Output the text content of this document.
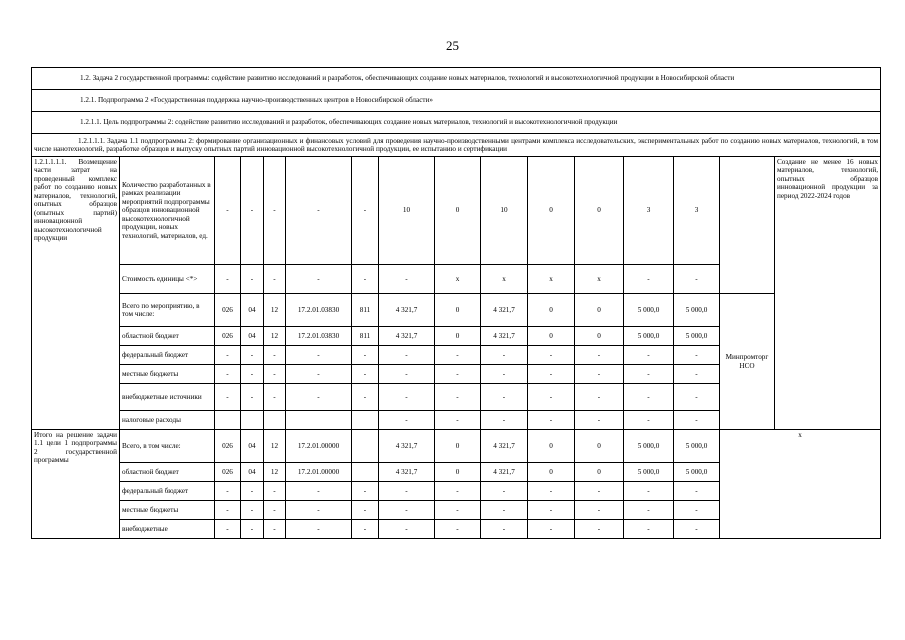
25
1.2. Задача 2 государственной программы: содействие развитию исследований и разработок, обеспечивающих создание новых материалов, технологий и высокотехнологичной продукции в Новосибирской области															
1.2.1. Подпрограмма 2 «Государственная поддержка научно-производственных центров в Новосибирской области»															
1.2.1.1. Цель подпрограммы 2: содействие развитию исследований и разработок, обеспечивающих создание новых материалов, технологий и высокотехнологичной продукции															
1.2.1.1.1. Задача 1.1 подпрограммы 2: формирование организационных и финансовых условий для проведения научно-производственными центрами комплекса исследовательских, экспериментальных работ по созданию новых материалов, технологий, в том числе нанотехнологий, разработке образцов и выпуску опытных партий инновационной высокотехнологичной продукции, ее испытанию и сертификации															
1.2.1.1.1.1. Возмещение части затрат на проведенный комплекс работ по созданию новых материалов, технологий, опытных образцов (опытных партий) инновационной высокотехнологичной продукции	Количество разработанных в рамках реализации мероприятий подпрограммы образцов инновационной высокотехнологичной продукции, новых технологий, материалов, ед.	-	-	-	-	-	10	0	10	0	0	3	3		Создание не менее 16 новых материалов, технологий, опытных образцов инновационной продукции за период 2022-2024 годов
	Стоимость единицы <*>	-	-	-	-	-	-	x	x	x	x	-	-		
	Всего по мероприятию, в том числе:	026	04	12	17.2.01.03830	811	4 321,7	0	4 321,7	0	0	5 000,0	5 000,0	Минпромторг НСО	
	областной бюджет	026	04	12	17.2.01.03830	811	4 321,7	0	4 321,7	0	0	5 000,0	5 000,0		
	федеральный бюджет	-	-	-	-	-	-	-	-	-	-	-	-		
	местные бюджеты	-	-	-	-	-	-	-	-	-	-	-	-		
	внебюджетные источники	-	-	-	-	-	-	-	-	-	-	-	-		
	налоговые расходы						-	-	-	-	-	-	-		
Итого на решение задачи 1.1 цели 1 подпрограммы 2 государственной программы	Всего, в том числе:	026	04	12	17.2.01.00000		4 321,7	0	4 321,7	0	0	5 000,0	5 000,0	x	
	областной бюджет	026	04	12	17.2.01.00000		4 321,7	0	4 321,7	0	0	5 000,0	5 000,0		
	федеральный бюджет	-	-	-	-	-	-	-	-	-	-	-	-		
	местные бюджеты	-	-	-	-	-	-	-	-	-	-	-	-		
	внебюджетные	-	-	-	-	-	-	-	-	-	-	-	-		
